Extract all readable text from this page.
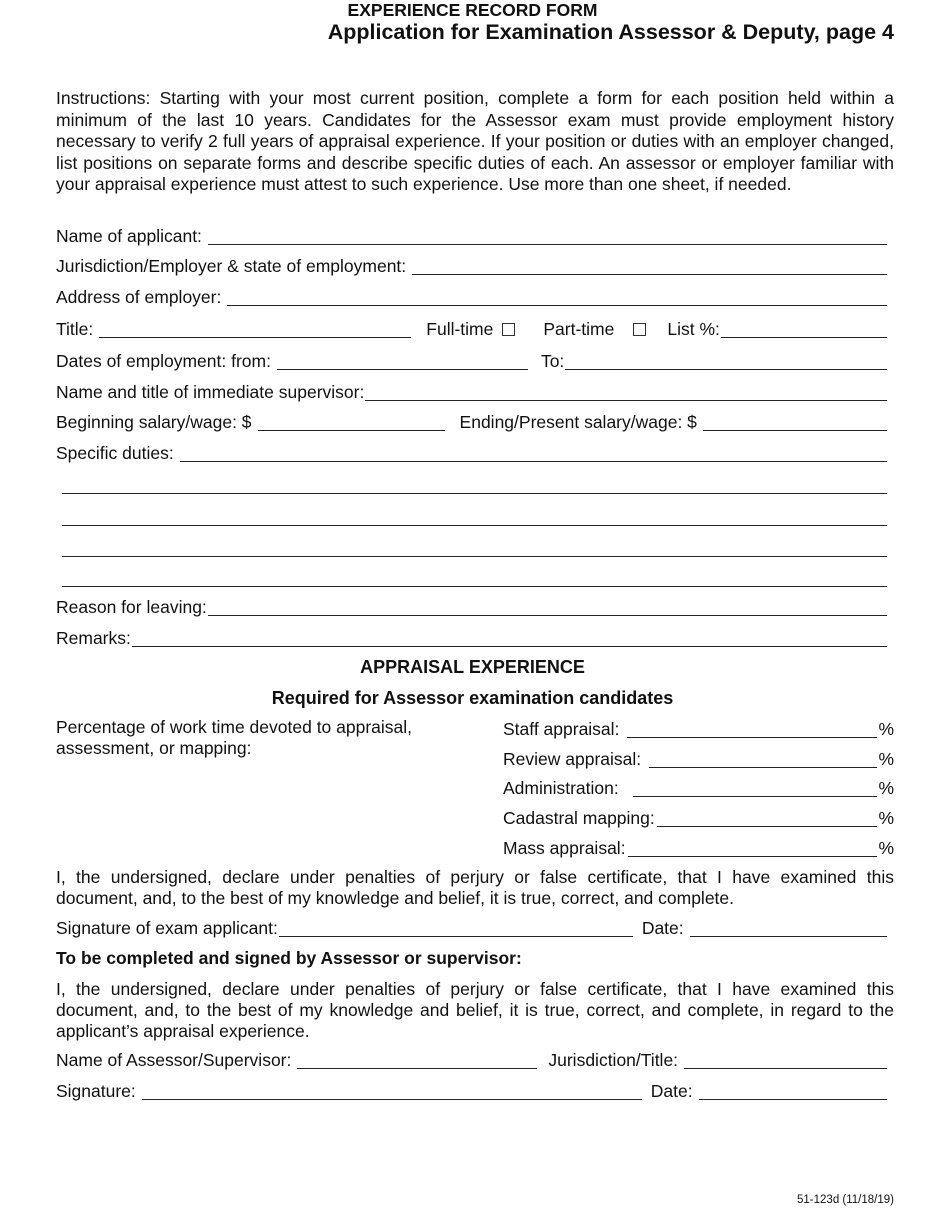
Application for Examination Assessor & Deputy, page 4
EXPERIENCE RECORD FORM
Instructions: Starting with your most current position, complete a form for each position held within a minimum of the last 10 years. Candidates for the Assessor exam must provide employment history necessary to verify 2 full years of appraisal experience. If your position or duties with an employer changed, list positions on separate forms and describe specific duties of each. An assessor or employer familiar with your appraisal experience must attest to such experience. Use more than one sheet, if needed.
Name of applicant:
Jurisdiction/Employer & state of employment:
Address of employer:
Title:	Full-time	Part-time	List %:
Dates of employment: from:	To:
Name and title of immediate supervisor:
Beginning salary/wage: $	Ending/Present salary/wage: $
Specific duties:
Reason for leaving:
Remarks:
APPRAISAL EXPERIENCE
Required for Assessor examination candidates
Percentage of work time devoted to appraisal, assessment, or mapping:
Staff appraisal:	%
Review appraisal:	%
Administration:	%
Cadastral mapping:	%
Mass appraisal:	%
I, the undersigned, declare under penalties of perjury or false certificate, that I have examined this document, and, to the best of my knowledge and belief, it is true, correct, and complete.
Signature of exam applicant:	Date:
To be completed and signed by Assessor or supervisor:
I, the undersigned, declare under penalties of perjury or false certificate, that I have examined this document, and, to the best of my knowledge and belief, it is true, correct, and complete, in regard to the applicant’s appraisal experience.
Name of Assessor/Supervisor:	Jurisdiction/Title:
Signature:	Date:
51-123d (11/18/19)
